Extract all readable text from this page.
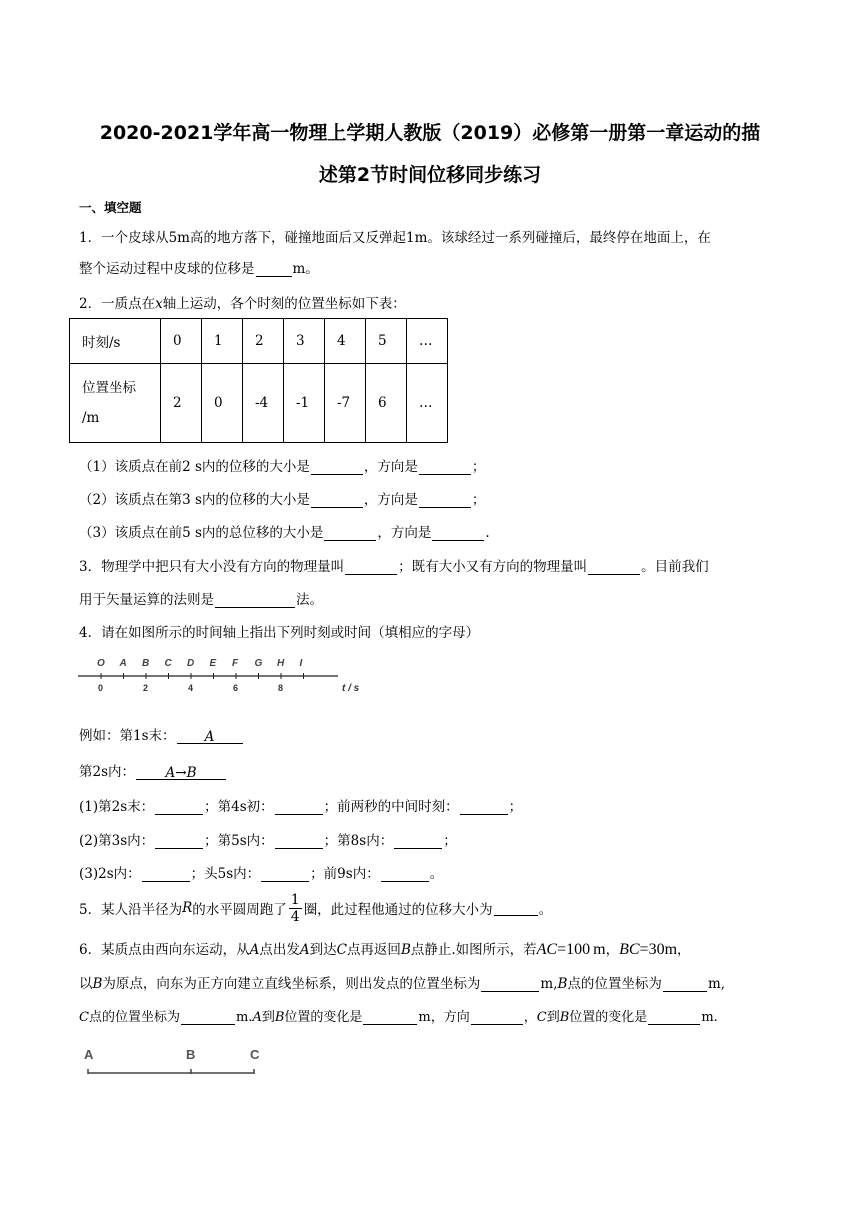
2020-2021学年高一物理上学期人教版（2019）必修第一册第一章运动的描
述第2节时间位移同步练习
一、填空题
1．一个皮球从5m高的地方落下，碰撞地面后又反弹起1m。该球经过一系列碰撞后，最终停在地面上，在
整个运动过程中皮球的位移是	m。
2．一质点在x轴上运动，各个时刻的位置坐标如下表：
时刻/s	0	1	2	3	4	5	…

位置坐标
/m	2	0	-4	-1	-7	6	…
（1）该质点在前2 s内的位移的大小是	，方向是	；
（2）该质点在第3 s内的位移的大小是	，方向是	；
（3）该质点在前5 s内的总位移的大小是	，方向是	.
3．物理学中把只有大小没有方向的物理量叫	；既有大小又有方向的物理量叫	。目前我们
用于矢量运算的法则是	法。
4．请在如图所示的时间轴上指出下列时刻或时间（填相应的字母）
O A B C D E F G H I
0	2	4	6	8	t / s
例如：第1s末： A
第2s内： A→B
(1)第2s末：	；第4s初：	；前两秒的中间时刻：	；
(2)第3s内：	；第5s内：	；第8s内：	；
(3)2s内：	；头5s内：	；前9s内：	。
5．某人沿半径为 R 的水平圆周跑了 $\frac{1}{4}$ 圈，此过程他通过的位移大小为	。
6．某质点由西向东运动，从A点出发A到达C点再返回B点静止.如图所示，若AC=100 m，BC=30m，
以B为原点，向东为正方向建立直线坐标系，则出发点的位置坐标为	m,B点的位置坐标为	m,
C点的位置坐标为	m.A到B位置的变化是	m，方向	，C到B位置的变化是	m.
A	B	C
